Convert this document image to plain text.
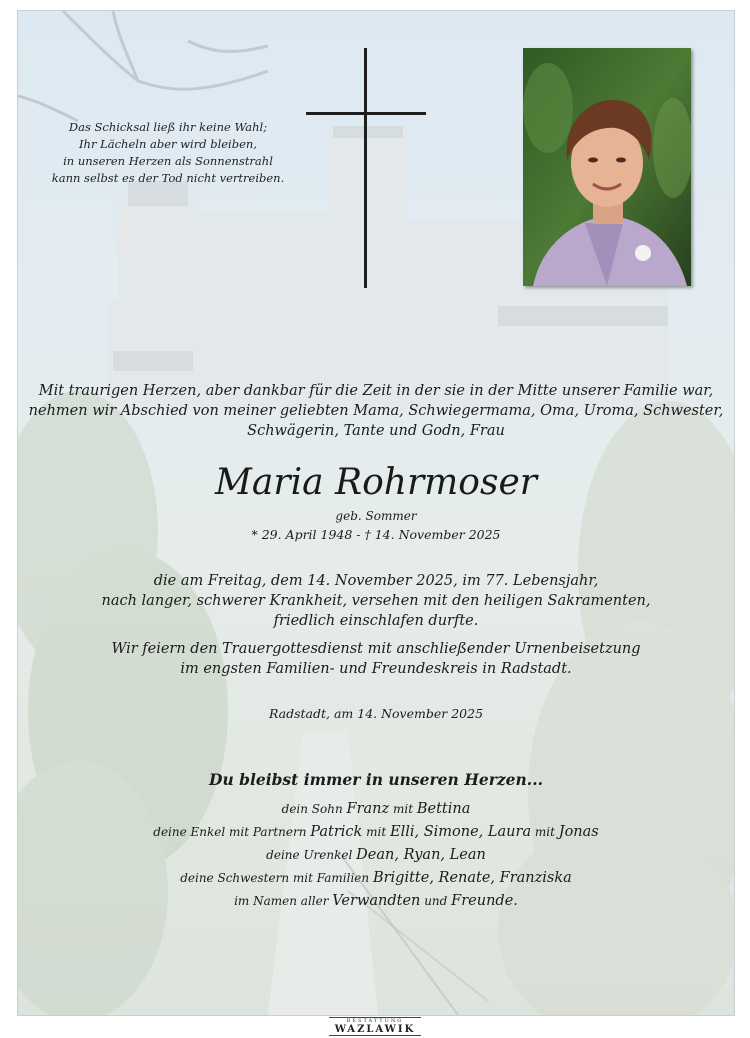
Das Schicksal ließ ihr keine Wahl;
Ihr Lächeln aber wird bleiben,
in unseren Herzen als Sonnenstrahl
kann selbst es der Tod nicht vertreiben.
Mit traurigen Herzen, aber dankbar für die Zeit in der sie in der Mitte unserer Familie war,
nehmen wir Abschied von meiner geliebten Mama, Schwiegermama, Oma, Uroma, Schwester,
Schwägerin, Tante und Godn, Frau
Maria Rohrmoser
geb. Sommer
* 29. April 1948 - † 14. November 2025
die am Freitag, dem 14. November 2025, im 77. Lebensjahr,
nach langer, schwerer Krankheit, versehen mit den heiligen Sakramenten,
friedlich einschlafen durfte.
Wir feiern den Trauergottesdienst mit anschließender Urnenbeisetzung
im engsten Familien- und Freundeskreis in Radstadt.
Radstadt, am 14. November 2025
Du bleibst immer in unseren Herzen...
dein Sohn Franz mit Bettina
deine Enkel mit Partnern Patrick mit Elli, Simone, Laura mit Jonas
deine Urenkel Dean, Ryan, Lean
deine Schwestern mit Familien Brigitte, Renate, Franziska
im Namen aller Verwandten und Freunde.
BESTATTUNG
WAZLAWIK
